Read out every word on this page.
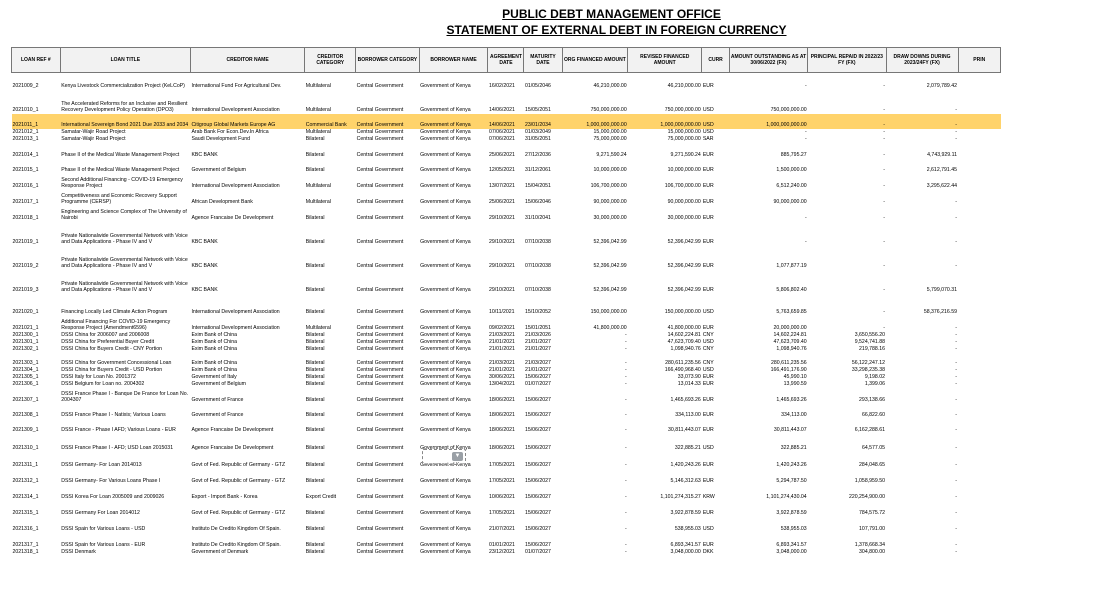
PUBLIC DEBT MANAGEMENT OFFICE
STATEMENT OF EXTERNAL DEBT IN FOREIGN CURRENCY
LOAN REF #	LOAN TITLE	CREDITOR NAME	CREDITOR CATEGORY	BORROWER CATEGORY	BORROWER NAME	AGREEMENT DATE	MATURITY DATE	ORG FINANCED AMOUNT	REVISED FINANCED AMOUNT	CURR	AMOUNT OUTSTANDING AS AT 30/06/2022 (FX)	PRINCIPAL REPAID IN 2022/23 FY (FX)	DRAW DOWNS DURING 2023/24FY (FX)	PRIN
2021009_2	Kenya Livestock Commercialization Project (KeLCoP)	International Fund For Agricultural Dev.	Multilateral	Central Government	Government of Kenya	16/02/2021	01/05/2046	46,210,000.00	46,210,000.00	EUR	-	-	2,079,789.42	
2021010_1	The Accelerated Reforms for an Inclusive and Resilient Recovery Development Policy Operation (DPO3)	International Development Association	Multilateral	Central Government	Government of Kenya	14/06/2021	15/05/2051	750,000,000.00	750,000,000.00	USD	750,000,000.00	-	-	
2021011_1	International Sovereign Bond 2021 Due 2033 and 2034	Citigroup Global Markets Europe AG	Commercial Bank	Central Government	Government of Kenya	14/06/2021	23/01/2034	1,000,000,000.00	1,000,000,000.00	USD	1,000,000,000.00	-	-	
2021012_1	Samatar-Wajir Road Project	Arab Bank For Econ.Dev.In Africa	Multilateral	Central Government	Government of Kenya	07/06/2021	01/03/2049	15,000,000.00	15,000,000.00	USD	-	-	-	
2021013_1	Samatar-Wajir Road Project	Saudi Development Fund	Bilateral	Central Government	Government of Kenya	07/06/2021	31/05/2051	75,000,000.00	75,000,000.00	SAR	-	-	-	
2021014_1	Phase II of the Medical Waste Management Project	KBC BANK	Bilateral	Central Government	Government of Kenya	25/06/2021	27/12/2036	9,271,590.24	9,271,590.24	EUR	885,795.27	-	4,743,929.11	
2021015_1	Phase II of the Medical Waste Management Project	Government of Belgium	Bilateral	Central Government	Government of Kenya	12/05/2021	31/12/2061	10,000,000.00	10,000,000.00	EUR	1,500,000.00	-	2,612,791.45	
2021016_1	Second Additional Financing - COVID-19 Emergency Response Project	International Development Association	Multilateral	Central Government	Government of Kenya	13/07/2021	15/04/2051	106,700,000.00	106,700,000.00	EUR	6,512,240.00	-	3,295,622.44	
2021017_1	Competitiveness and Economic Recovery Support Programme (CERSP)	African Development Bank	Multilateral	Central Government	Government of Kenya	25/06/2021	15/06/2046	90,000,000.00	90,000,000.00	EUR	90,000,000.00	-	-	
2021018_1	Engineering and Science Complex of The University of Nairobi	Agence Francaise De Development	Bilateral	Central Government	Government of Kenya	29/10/2021	31/10/2041	30,000,000.00	30,000,000.00	EUR	-	-	-	
2021019_1	Private Nationalwide Governmental Network with Voice and Data Applications - Phase IV and V	KBC BANK	Bilateral	Central Government	Government of Kenya	29/10/2021	07/10/2038	52,396,042.99	52,396,042.99	EUR	-	-	-	
2021019_2	Private Nationalwide Governmental Network with Voice and Data Applications - Phase IV and V	KBC BANK	Bilateral	Central Government	Government of Kenya	29/10/2021	07/10/2038	52,396,042.99	52,396,042.99	EUR	1,077,877.19	-	-	
2021019_3	Private Nationalwide Governmental Network with Voice and Data Applications - Phase IV and V	KBC BANK	Bilateral	Central Government	Government of Kenya	29/10/2021	07/10/2038	52,396,042.99	52,396,042.99	EUR	5,806,802.40	-	5,799,070.31	
2021020_1	Financing Locally Led Climate Action Program	International Development Association	Bilateral	Central Government	Government of Kenya	10/11/2021	15/10/2052	150,000,000.00	150,000,000.00	USD	5,763,659.85	-	58,376,216.59	
2021021_1	Additional Financing For COVID-19 Emergency Response Project (Amendment6596)	International Development Association	Multilateral	Central Government	Government of Kenya	09/02/2021	15/01/2051	41,800,000.00	41,800,000.00	EUR	20,000,000.00	-	-	
2021300_1	DSSI China for 2006007 and 2006008	Exim Bank of China	Bilateral	Central Government	Government of Kenya	21/03/2021	21/03/2026	-	14,602,224.81	CNY	14,602,224.81	3,650,556.20	-	
2021301_1	DSSI China for Preferential Buyer Credit	Exim Bank of China	Bilateral	Central Government	Government of Kenya	21/01/2021	21/01/2027	-	47,623,709.40	USD	47,623,709.40	9,524,741.88	-	
2021302_1	DSSI China for Buyers Credit - CNY Portion	Exim Bank of China	Bilateral	Central Government	Government of Kenya	21/01/2021	21/01/2027	-	1,098,940.76	CNY	1,098,940.76	219,788.16	-	
2021303_1	DSSI China for Government Concessional Loan	Exim Bank of China	Bilateral	Central Government	Government of Kenya	21/03/2021	21/03/2027	-	280,611,235.56	CNY	280,611,235.56	56,122,247.12	-	
2021304_1	DSSI China for Buyers Credit - USD Portion	Exim Bank of China	Bilateral	Central Government	Government of Kenya	21/01/2021	21/01/2027	-	166,490,968.40	USD	166,491,176.90	33,298,235.38	-	
2021305_1	DSSI Italy for Loan No. 2001372	Government of Italy	Bilateral	Central Government	Government of Kenya	30/06/2021	15/06/2027	-	33,073.90	EUR	45,990.10	9,198.02	-	
2021306_1	DSSI Belgium for Loan no. 2004302	Government of Belgium	Bilateral	Central Government	Government of Kenya	13/04/2021	01/07/2027	-	13,014.33	EUR	13,990.59	1,399.06	-	
2021307_1	DSSI France Phase I - Banque De France for Loan No. 2004307	Government of France	Bilateral	Central Government	Government of Kenya	18/06/2021	15/06/2027	-	1,465,693.26	EUR	1,465,693.26	293,138.66	-	
2021308_1	DSSI France Phase I - Natixis; Various Loans	Government of France	Bilateral	Central Government	Government of Kenya	18/06/2021	15/06/2027	-	334,113.00	EUR	334,113.00	66,822.60	-	
2021309_1	DSSI France - Phase I AFD; Various Loans - EUR	Agence Francaise De Development	Bilateral	Central Government	Government of Kenya	18/06/2021	15/06/2027	-	30,811,443.07	EUR	30,811,443.07	6,162,288.61	-	
2021310_1	DSSI France Phase I - AFD; USD Loan 2015031	Agence Francaise De Development	Bilateral	Central Government	Government of Kenya	18/06/2021	15/06/2027	-	322,885.21	USD	322,885.21	64,577.05	-	
2021311_1	DSSI Germany- For Loan 2014013	Govt of Fed. Republic of Germany - GTZ	Bilateral	Central Government	Government of Kenya	17/05/2021	15/06/2027	-	1,420,243.26	EUR	1,420,243.26	284,048.65	-	
2021312_1	DSSI Germany- For Various Loans Phase I	Govt of Fed. Republic of Germany - GTZ	Bilateral	Central Government	Government of Kenya	17/05/2021	15/06/2027	-	5,146,312.63	EUR	5,294,787.50	1,058,959.50	-	
2021314_1	DSSI Korea For Loan 2005009 and 2009026	Export - Import Bank - Korea	Export Credit	Central Government	Government of Kenya	10/06/2021	15/06/2027	-	1,101,274,315.27	KRW	1,101,274,430.04	220,254,900.00	-	
2021315_1	DSSI Germany For Loan 2014012	Govt of Fed. Republic of Germany - GTZ	Bilateral	Central Government	Government of Kenya	17/05/2021	15/06/2027	-	3,922,878.59	EUR	3,922,878.59	784,575.72	-	
2021316_1	DSSI Spain for Various Loans - USD	Instituto De Credito Kingdom Of Spain.	Bilateral	Central Government	Government of Kenya	21/07/2021	15/06/2027	-	538,955.03	USD	538,955.03	107,791.00	-	
2021317_1	DSSI Spain for Various Loans - EUR	Instituto De Credito Kingdom Of Spain.	Bilateral	Central Government	Government of Kenya	01/01/2021	15/06/2027	-	6,893,341.57	EUR	6,893,341.57	1,378,668.34	-	
2021318_1	DSSI Denmark	Government of Denmark	Bilateral	Central Government	Government of Kenya	23/12/2021	01/07/2027	-	3,048,000.00	DKK	3,048,000.00	304,800.00	-	
▼
